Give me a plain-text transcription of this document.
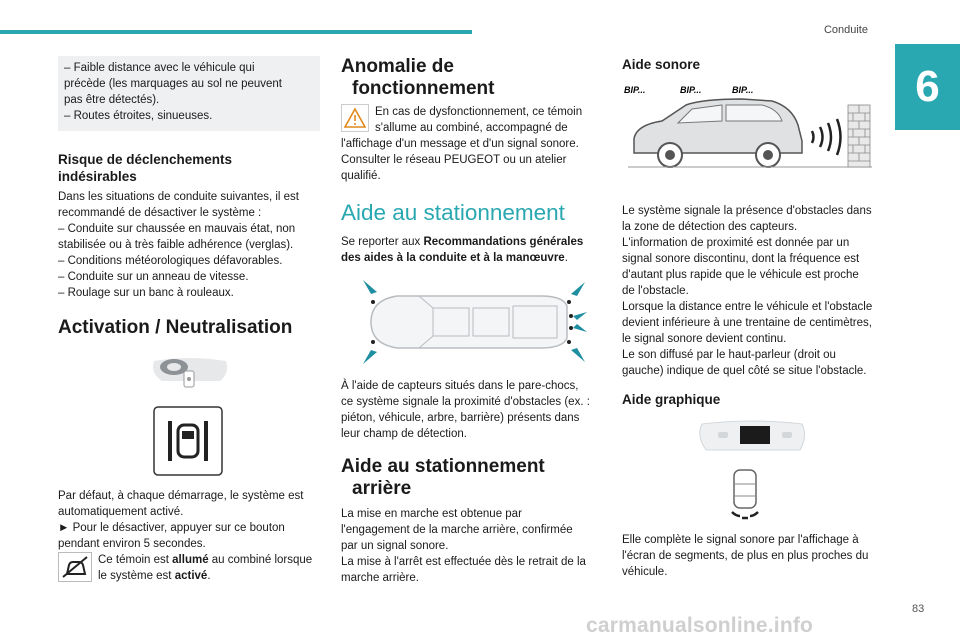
Conduite
6
83
carmanualsonline.info

– Faible distance avec le véhicule qui

précède (les marquages au sol ne peuvent

pas être détectés).

– Routes étroites, sinueuses.

Risque de déclenchements

indésirables

Dans les situations de conduite suivantes, il est

recommandé de désactiver le système :

– Conduite sur chaussée en mauvais état, non

stabilisée ou à très faible adhérence (verglas).

– Conditions météorologiques défavorables.

– Conduite sur un anneau de vitesse.

– Roulage sur un banc à rouleaux.

Activation / Neutralisation

Par défaut, à chaque démarrage, le système est

automatiquement activé.

► Pour le désactiver, appuyer sur ce bouton

pendant environ 5 secondes.

Ce témoin est allumé au combiné lorsque

le système est activé.

Anomalie de

fonctionnement

En cas de dysfonctionnement, ce témoin

s'allume au combiné, accompagné de

l'affichage d'un message et d'un signal sonore.

Consulter le réseau PEUGEOT ou un atelier

qualifié.

Aide au stationnement

Se reporter aux Recommandations générales

des aides à la conduite et à la manœuvre.

À l'aide de capteurs situés dans le pare-chocs,

ce système signale la proximité d'obstacles (ex. :

piéton, véhicule, arbre, barrière) présents dans

leur champ de détection.

Aide au stationnement

arrière

La mise en marche est obtenue par

l'engagement de la marche arrière, confirmée

par un signal sonore.

La mise à l'arrêt est effectuée dès le retrait de la

marche arrière.

Aide sonore

BIP...	BIP...	BIP...

Le système signale la présence d'obstacles dans

la zone de détection des capteurs.

L'information de proximité est donnée par un

signal sonore discontinu, dont la fréquence est

d'autant plus rapide que le véhicule est proche

de l'obstacle.

Lorsque la distance entre le véhicule et l'obstacle

devient inférieure à une trentaine de centimètres,

le signal sonore devient continu.

Le son diffusé par le haut-parleur (droit ou

gauche) indique de quel côté se situe l'obstacle.

Aide graphique

Elle complète le signal sonore par l'affichage à

l'écran de segments, de plus en plus proches du

véhicule.
